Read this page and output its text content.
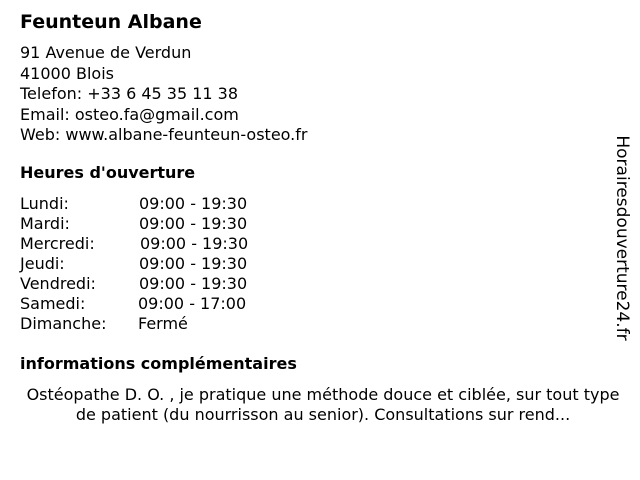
Feunteun Albane
91 Avenue de Verdun
41000 Blois
Telefon: +33 6 45 35 11 38
Email: osteo.fa@gmail.com
Web: www.albane-feunteun-osteo.fr
Heures d'ouverture
Lundi:	09:00 - 19:30
Mardi:	09:00 - 19:30
Mercredi:	09:00 - 19:30
Jeudi:	09:00 - 19:30
Vendredi:	09:00 - 19:30
Samedi:	09:00 - 17:00
Dimanche: Fermé
informations complémentaires

Ostéopathe D. O. , je pratique une méthode douce et ciblée, sur tout type de patient (du nourrisson au senior). Consultations sur rend...

Horairesdouverture24.fr
